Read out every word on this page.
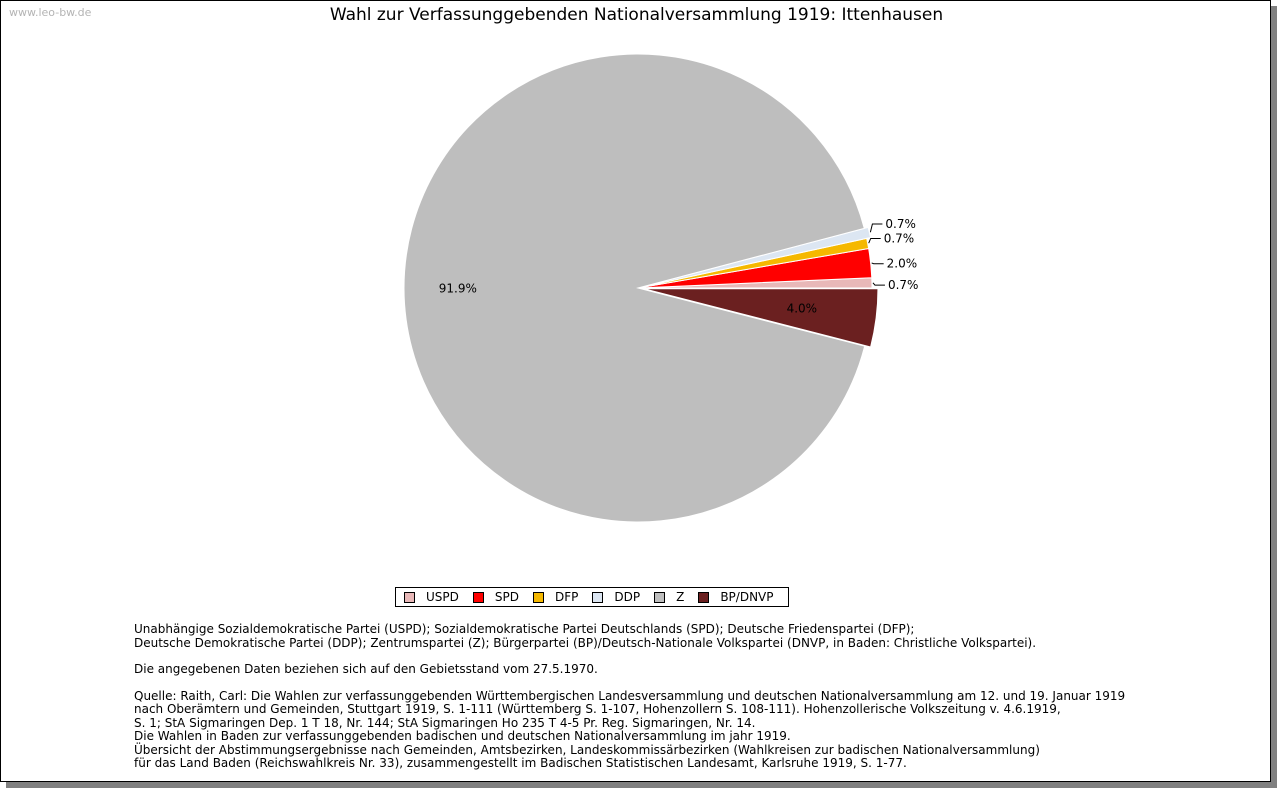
www.leo-bw.de	Wahl zur Verfassunggebenden Nationalversammlung 1919: Ittenhausen
0.7%
2.0%
0.7%
0.7%
91.9%
4.0%
USPD	SPD	DFP	DDP	Z	BP/DNVP

Unabhängige Sozialdemokratische Partei (USPD); Sozialdemokratische Partei Deutschlands (SPD); Deutsche Friedenspartei (DFP);

Deutsche Demokratische Partei (DDP); Zentrumspartei (Z); Bürgerpartei (BP)/Deutsch-Nationale Volkspartei (DNVP, in Baden: Christliche Volkspartei).

Die angegebenen Daten beziehen sich auf den Gebietsstand vom 27.5.1970.

Quelle: Raith, Carl: Die Wahlen zur verfassunggebenden Württembergischen Landesversammlung und deutschen Nationalversammlung am 12. und 19. Januar 1919

nach Oberämtern und Gemeinden, Stuttgart 1919, S. 1-111 (Württemberg S. 1-107, Hohenzollern S. 108-111). Hohenzollerische Volkszeitung v. 4.6.1919,

S. 1; StA Sigmaringen Dep. 1 T 18, Nr. 144; StA Sigmaringen Ho 235 T 4-5 Pr. Reg. Sigmaringen, Nr. 14.

Die Wahlen in Baden zur verfassunggebenden badischen und deutschen Nationalversammlung im jahr 1919.

Übersicht der Abstimmungsergebnisse nach Gemeinden, Amtsbezirken, Landeskommissärbezirken (Wahlkreisen zur badischen Nationalversammlung)

für das Land Baden (Reichswahlkreis Nr. 33), zusammengestellt im Badischen Statistischen Landesamt, Karlsruhe 1919, S. 1-77.
